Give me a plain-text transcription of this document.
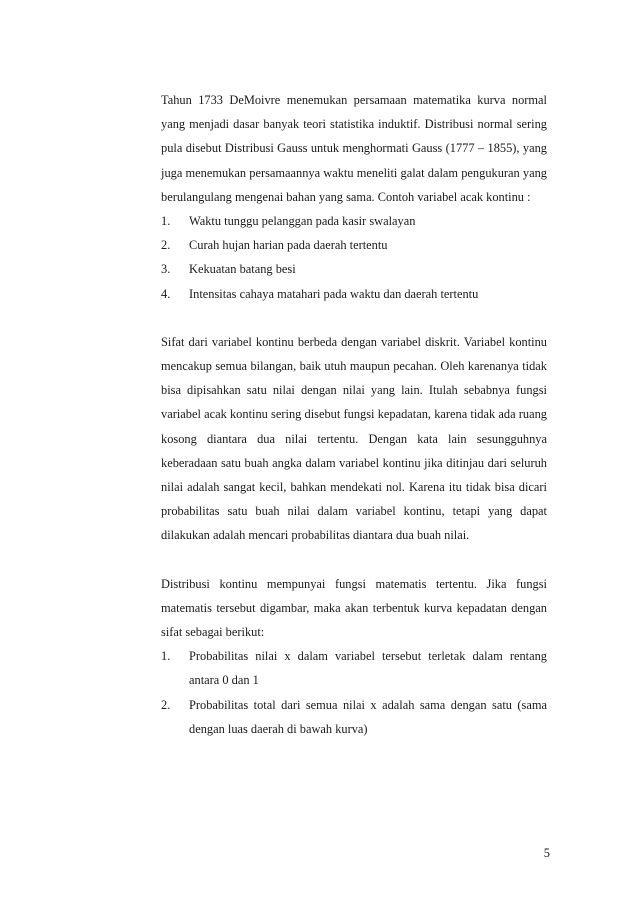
Tahun 1733 DeMoivre menemukan persamaan matematika kurva normal yang menjadi dasar banyak teori statistika induktif. Distribusi normal sering pula disebut Distribusi Gauss untuk menghormati Gauss (1777 – 1855), yang juga menemukan persamaannya waktu meneliti galat dalam pengukuran yang berulangulang mengenai bahan yang sama. Contoh variabel acak kontinu :

1.	Waktu tunggu pelanggan pada kasir swalayan
2.	Curah hujan harian pada daerah tertentu
3.	Kekuatan batang besi
4.	Intensitas cahaya matahari pada waktu dan daerah tertentu

Sifat dari variabel kontinu berbeda dengan variabel diskrit. Variabel kontinu mencakup semua bilangan, baik utuh maupun pecahan. Oleh karenanya tidak bisa dipisahkan satu nilai dengan nilai yang lain. Itulah sebabnya fungsi variabel acak kontinu sering disebut fungsi kepadatan, karena tidak ada ruang kosong diantara dua nilai tertentu. Dengan kata lain sesungguhnya keberadaan satu buah angka dalam variabel kontinu jika ditinjau dari seluruh nilai adalah sangat kecil, bahkan mendekati nol. Karena itu tidak bisa dicari probabilitas satu buah nilai dalam variabel kontinu, tetapi yang dapat dilakukan adalah mencari probabilitas diantara dua buah nilai.

Distribusi kontinu mempunyai fungsi matematis tertentu. Jika fungsi matematis tersebut digambar, maka akan terbentuk kurva kepadatan dengan sifat sebagai berikut:

1.	Probabilitas nilai x dalam variabel tersebut terletak dalam rentang antara 0 dan 1
2.	Probabilitas total dari semua nilai x adalah sama dengan satu (sama dengan luas daerah di bawah kurva)
5
